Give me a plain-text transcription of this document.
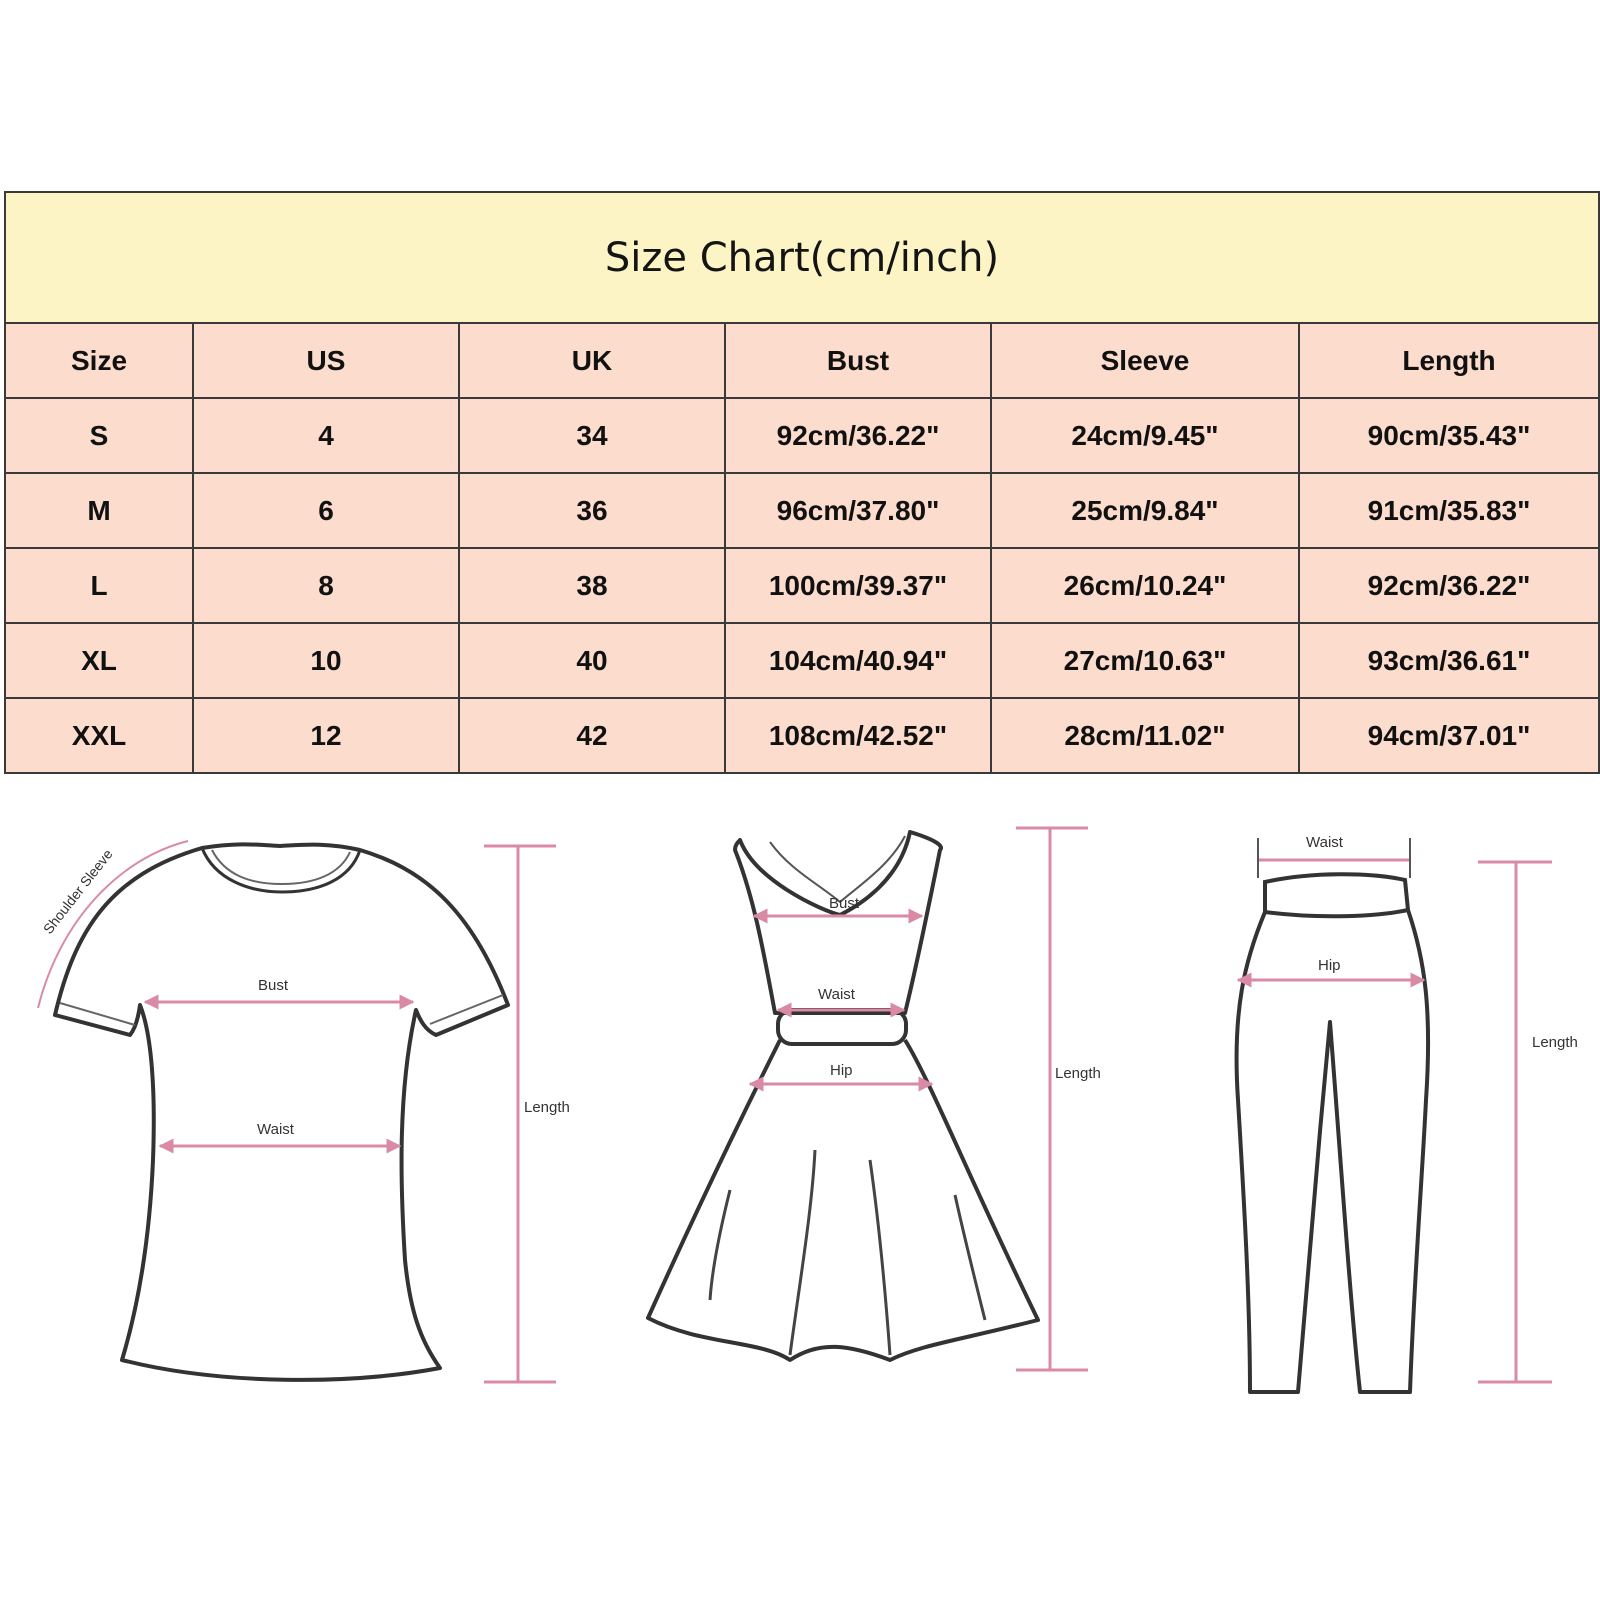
Size Chart(cm/inch)					
Size	US	UK	Bust	Sleeve	Length
S	4	34	92cm/36.22"	24cm/9.45"	90cm/35.43"
M	6	36	96cm/37.80"	25cm/9.84"	91cm/35.83"
L	8	38	100cm/39.37"	26cm/10.24"	92cm/36.22"
XL	10	40	104cm/40.94"	27cm/10.63"	93cm/36.61"
XXL	12	42	108cm/42.52"	28cm/11.02"	94cm/37.01"
Shoulder Sleeve
Bust
Waist
Length
Bust
Waist
Hip	Length
Waist
Hip
Length
